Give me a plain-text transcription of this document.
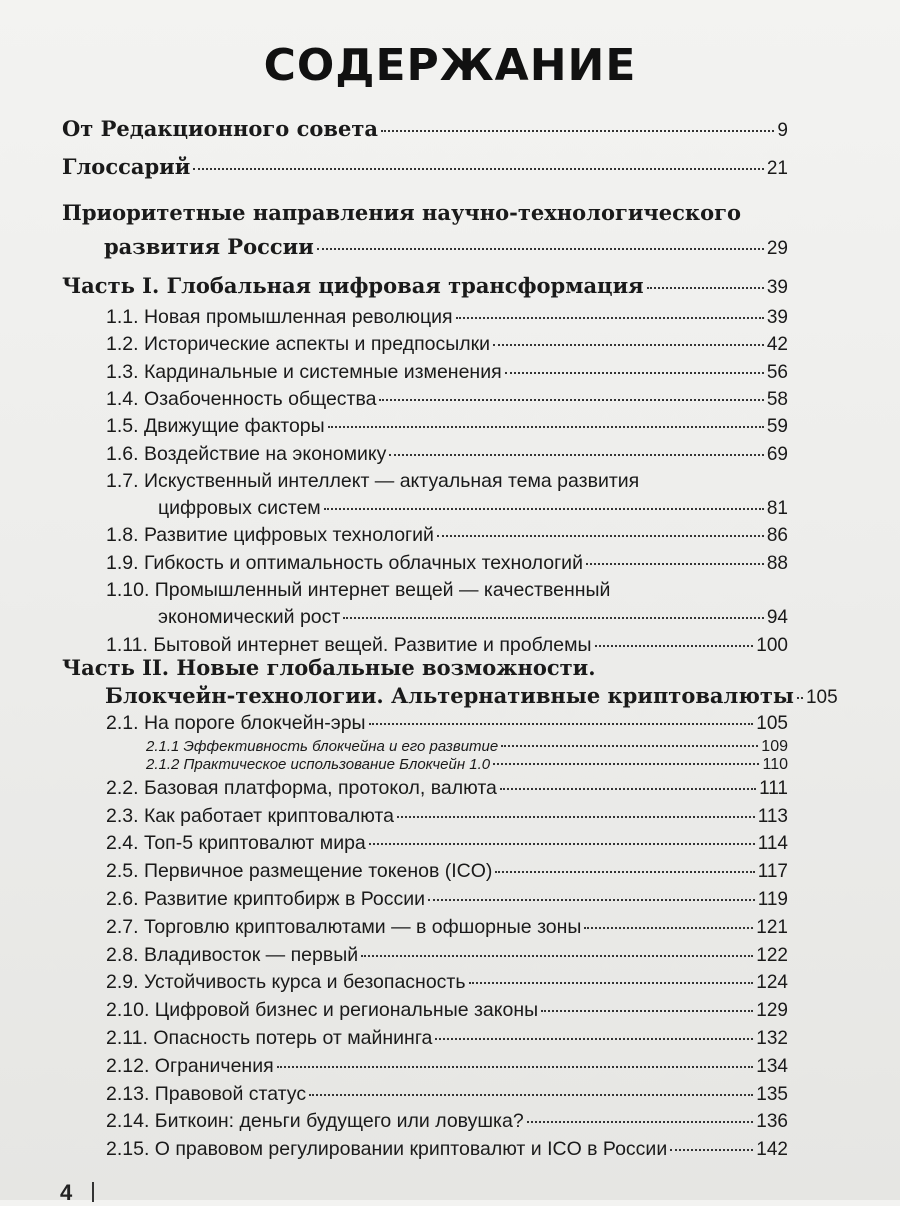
СОДЕРЖАНИЕ
От Редакционного совета	9
Глоссарий	21
Приоритетные направления научно-технологического
развития России	29
Часть I. Глобальная цифровая трансформация	39
1.1. Новая промышленная революция	39
1.2. Исторические аспекты и предпосылки	42
1.3. Кардинальные и системные изменения	56
1.4. Озабоченность общества	58
1.5. Движущие факторы	59
1.6. Воздействие на экономику	69
1.7. Искуственный интеллект — актуальная тема развития
цифровых систем	81
1.8. Развитие цифровых технологий	86
1.9. Гибкость и оптимальность облачных технологий	88
1.10. Промышленный интернет вещей — качественный
экономический рост	94
1.11. Бытовой интернет вещей. Развитие и проблемы	100
Часть II. Новые глобальные возможности.
Блокчейн-технологии. Альтернативные криптовалюты 105
2.1. На пороге блокчейн-эры	105
2.1.1 Эффективность блокчейна и его развитие	109
2.1.2 Практическое использование Блокчейн 1.0	110
2.2. Базовая платформа, протокол, валюта	111
2.3. Как работает криптовалюта	113
2.4. Топ-5 криптовалют мира	114
2.5. Первичное размещение токенов (ICO)	117
2.6. Развитие криптобирж в России	119
2.7. Торговлю криптовалютами — в офшорные зоны	121
2.8. Владивосток — первый	122
2.9. Устойчивость курса и безопасность	124
2.10. Цифровой бизнес и региональные законы	129
2.11. Опасность потерь от майнинга	132
2.12. Ограничения	134
2.13. Правовой статус	135
2.14. Биткоин: деньги будущего или ловушка?	136
2.15. О правовом регулировании криптовалют и ICO в России	142
4
